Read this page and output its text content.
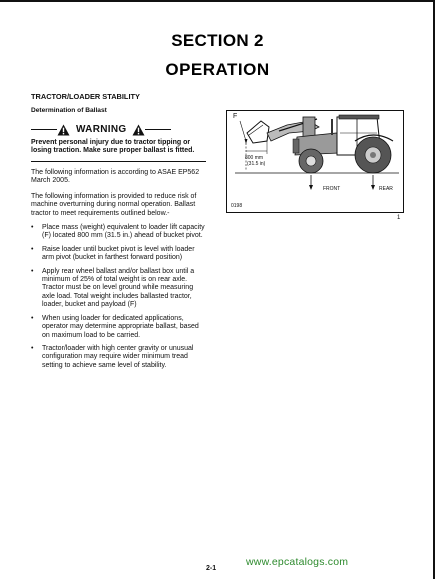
SECTION 2
OPERATION
TRACTOR/LOADER STABILITY
Determination of Ballast
WARNING
Prevent personal injury due to tractor tipping or losing traction. Make sure proper ballast is fitted.

The following information is according to ASAE EP562 March 2005.

The following information is provided to reduce risk of machine overturning during normal operation. Ballast tractor to meet requirements outlined below.-

• Place mass (weight) equivalent to loader lift capacity (F) located 800 mm (31.5 in.) ahead of bucket pivot.
• Raise loader until bucket pivot is level with loader arm pivot (bucket in farthest forward position)
• Apply rear wheel ballast and/or ballast box until a minimum of 25% of total weight is on rear axle. Tractor must be on level ground while measuring axle load. Total weight includes ballasted tractor, loader, bucket and payload (F)
• When using loader for dedicated applications, operator may determine appropriate ballast, based on maximum load to be carried.
• Tractor/loader with high center gravity or unusual configuration may require wider minimum tread setting to achieve same level of stability.
F
800 mm
(31.5 in)
FRONT	REAR
0198
1
www.epcatalogs.com
2-1
